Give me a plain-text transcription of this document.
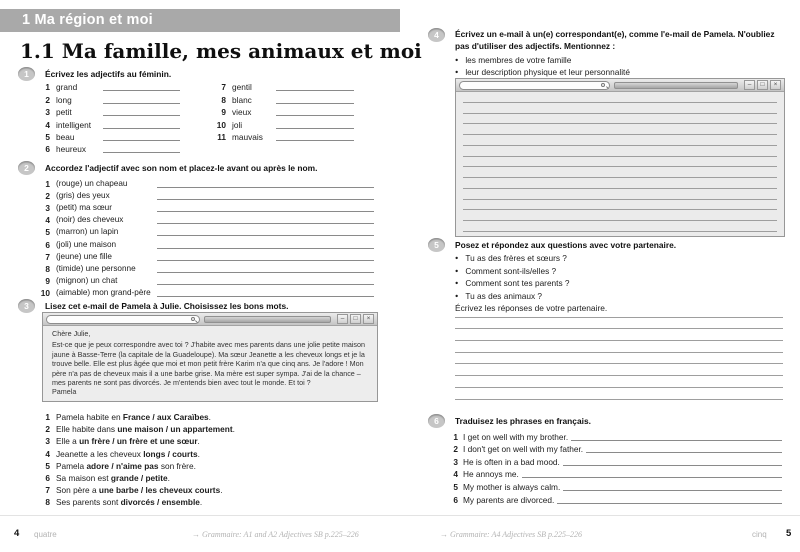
1 Ma région et moi
1.1 Ma famille, mes animaux et moi
1	Écrivez les adjectifs au féminin.
1 grand
2 long
3 petit
4 intelligent
5 beau
6 heureux
7 gentil
8 blanc
9 vieux
10 joli
11 mauvais
2	Accordez l'adjectif avec son nom et placez-le avant ou après le nom.
1 (rouge) un chapeau
2 (gris) des yeux
3 (petit) ma sœur
4 (noir) des cheveux
5 (marron) un lapin
6 (joli) une maison
7 (jeune) une fille
8 (timide) une personne
9 (mignon) un chat
10 (aimable) mon grand-père
3	Lisez cet e-mail de Pamela à Julie. Choisissez les bons mots.
–	□	×
Chère Julie,
Est-ce que je peux correspondre avec toi ? J'habite avec mes parents dans une jolie petite maison jaune à Basse-Terre (la capitale de la Guadeloupe). Ma sœur Jeanette a les cheveux longs et je la trouve belle. Elle est plus âgée que moi et mon petit frère Karim n'a que cinq ans. Je l'adore ! Mon père n'a pas de cheveux mais il a une barbe grise. Ma mère est super sympa. J'ai de la chance – mes parents ne sont pas divorcés. Je m'entends bien avec tout le monde. Et toi ?
Pamela
1 Pamela habite en France / aux Caraïbes.
2 Elle habite dans une maison / un appartement.
3 Elle a un frère / un frère et une sœur.
4 Jeanette a les cheveux longs / courts.
5 Pamela adore / n'aime pas son frère.
6 Sa maison est grande / petite.
7 Son père a une barbe / les cheveux courts.
8 Ses parents sont divorcés / ensemble.
4 quatre	→ Grammaire: A1 and A2 Adjectives SB p.225–226
4	Écrivez un e-mail à un(e) correspondant(e), comme l'e-mail de Pamela. N'oubliez pas d'utiliser des adjectifs. Mentionnez :
● les membres de votre famille
● leur description physique et leur personnalité
–	□	×
5	Posez et répondez aux questions avec votre partenaire.
● Tu as des frères et sœurs ?
● Comment sont-ils/elles ?
● Comment sont tes parents ?
● Tu as des animaux ?
Écrivez les réponses de votre partenaire.
6	Traduisez les phrases en français.
1 I get on well with my brother.
2 I don't get on well with my father.
3 He is often in a bad mood.
4 He annoys me.
5 My mother is always calm.
6 My parents are divorced.
→ Grammaire: A4 Adjectives SB p.225–226	cinq 5
